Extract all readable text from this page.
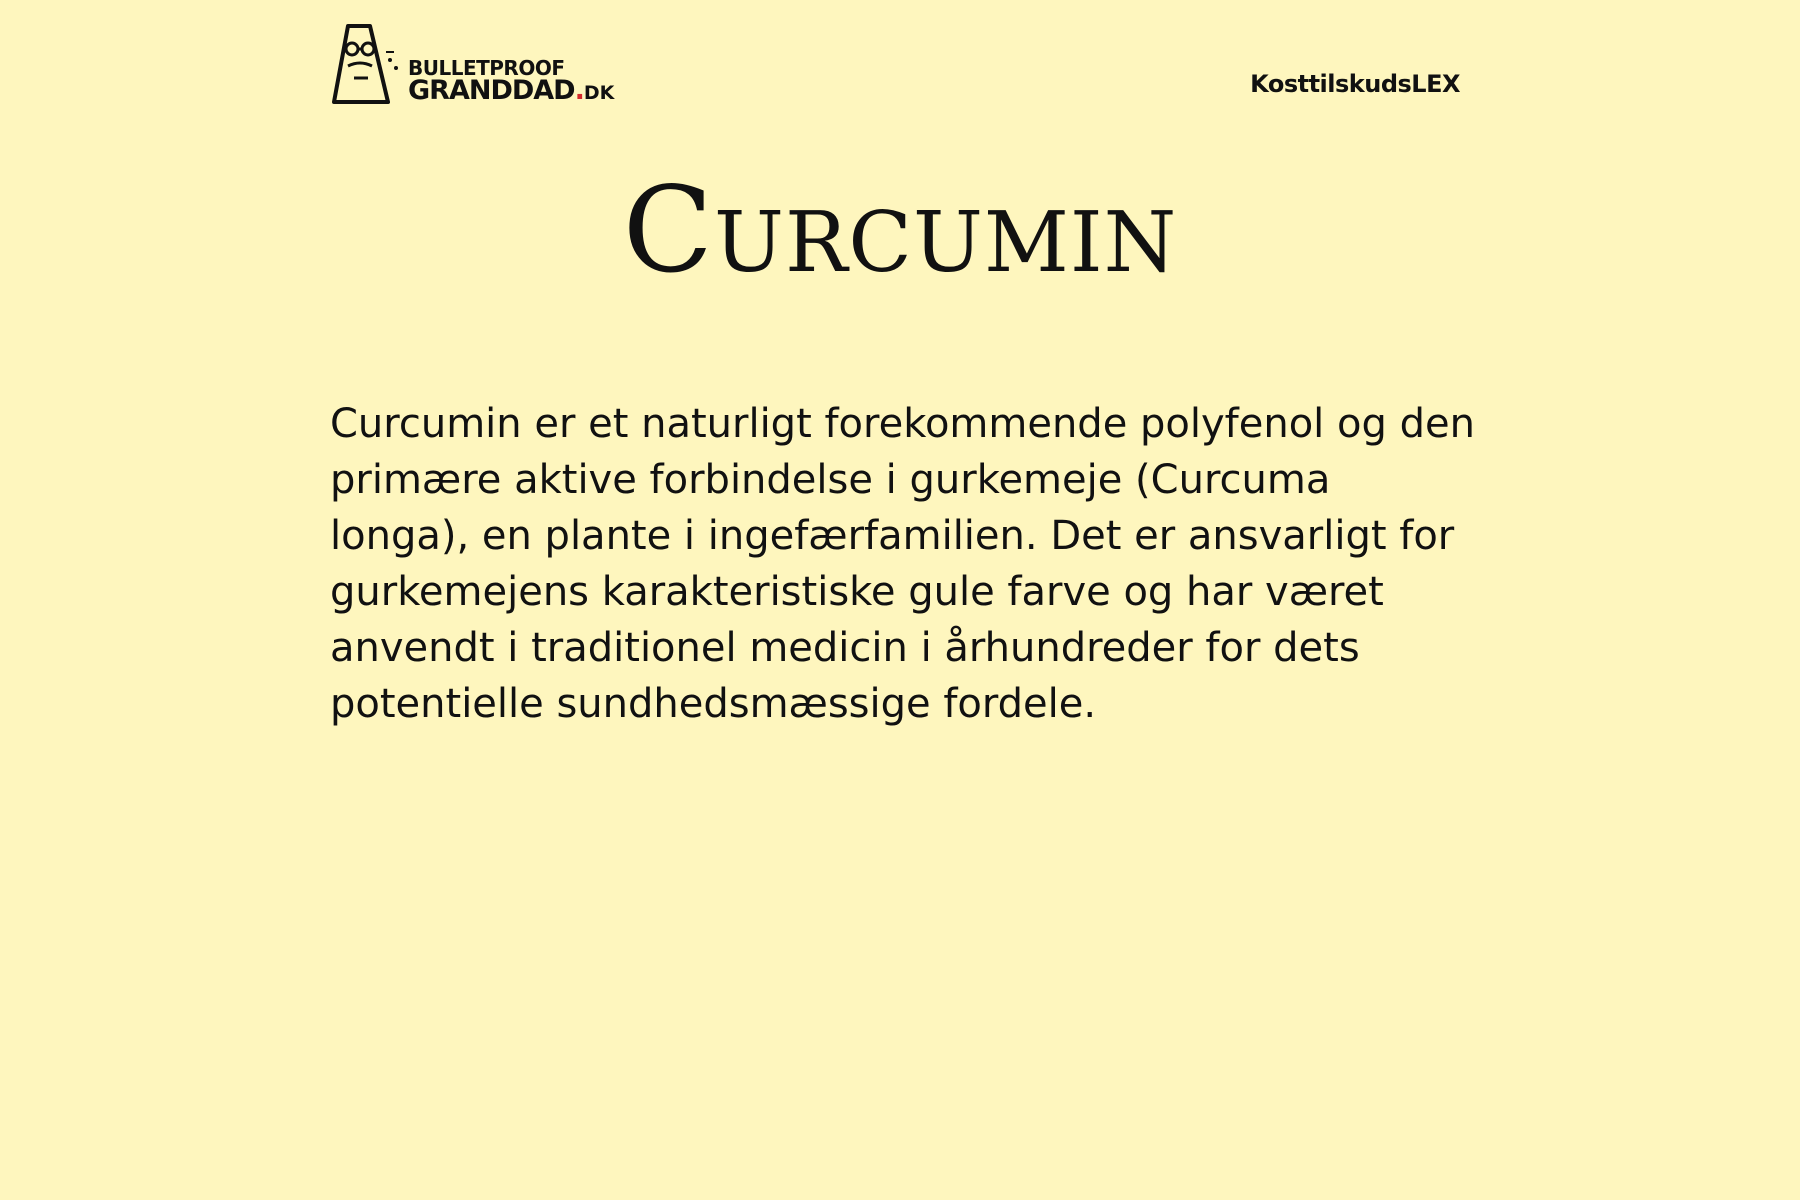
BULLETPROOF
GRANDDAD.DK	KosttilskudsLEX
Curcumin

Curcumin er et naturligt forekommende polyfenol og den primære aktive forbindelse i gurkemeje (Curcuma longa), en plante i ingefærfamilien. Det er ansvarligt for gurkemejens karakteristiske gule farve og har været anvendt i traditionel medicin i århundreder for dets potentielle sundhedsmæssige fordele.
